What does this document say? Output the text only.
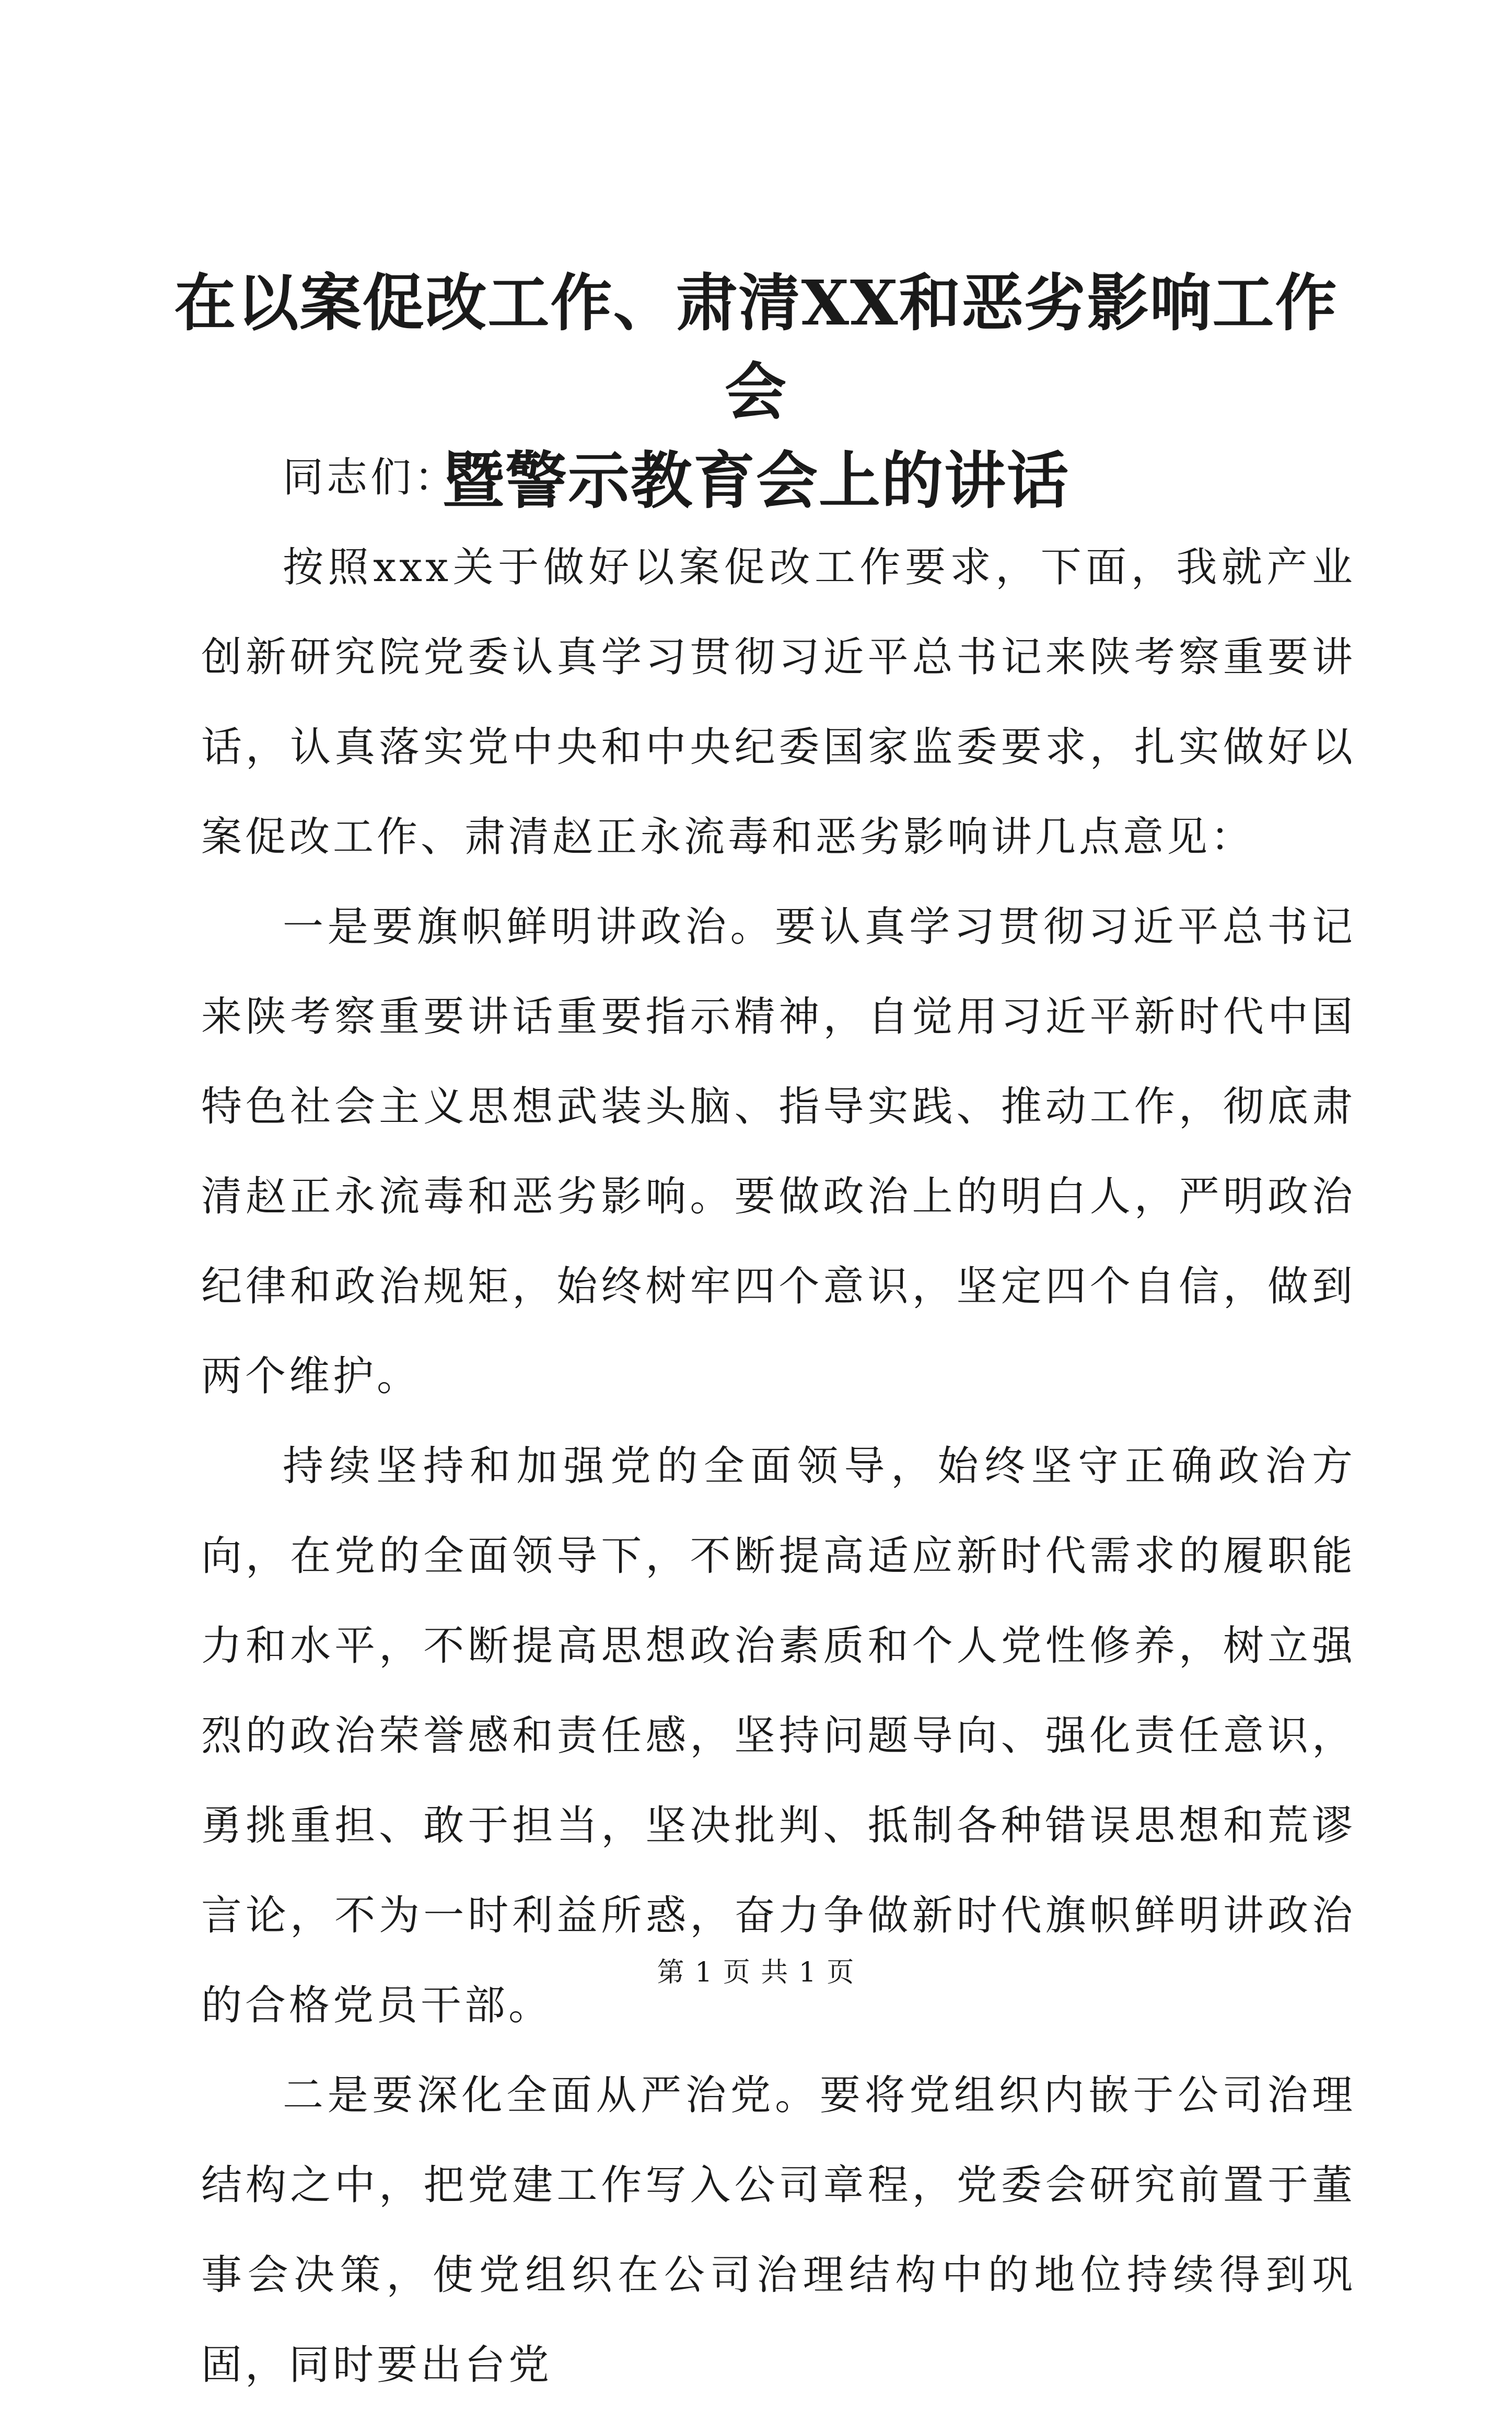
在以案促改工作、肃清XX和恶劣影响工作会
暨警示教育会上的讲话

同志们：

按照xxx关于做好以案促改工作要求，下面，我就产业创新研究院党委认真学习贯彻习近平总书记来陕考察重要讲话，认真落实党中央和中央纪委国家监委要求，扎实做好以案促改工作、肃清赵正永流毒和恶劣影响讲几点意见：

一是要旗帜鲜明讲政治。要认真学习贯彻习近平总书记来陕考察重要讲话重要指示精神，自觉用习近平新时代中国特色社会主义思想武装头脑、指导实践、推动工作，彻底肃清赵正永流毒和恶劣影响。要做政治上的明白人，严明政治纪律和政治规矩，始终树牢四个意识，坚定四个自信，做到两个维护。

持续坚持和加强党的全面领导，始终坚守正确政治方向，在党的全面领导下，不断提高适应新时代需求的履职能力和水平，不断提高思想政治素质和个人党性修养，树立强烈的政治荣誉感和责任感，坚持问题导向、强化责任意识，勇挑重担、敢于担当，坚决批判、抵制各种错误思想和荒谬言论，不为一时利益所惑，奋力争做新时代旗帜鲜明讲政治的合格党员干部。

二是要深化全面从严治党。要将党组织内嵌于公司治理结构之中，把党建工作写入公司章程，党委会研究前置于董事会决策，使党组织在公司治理结构中的地位持续得到巩固，同时要出台党

第 1 页 共 1 页
